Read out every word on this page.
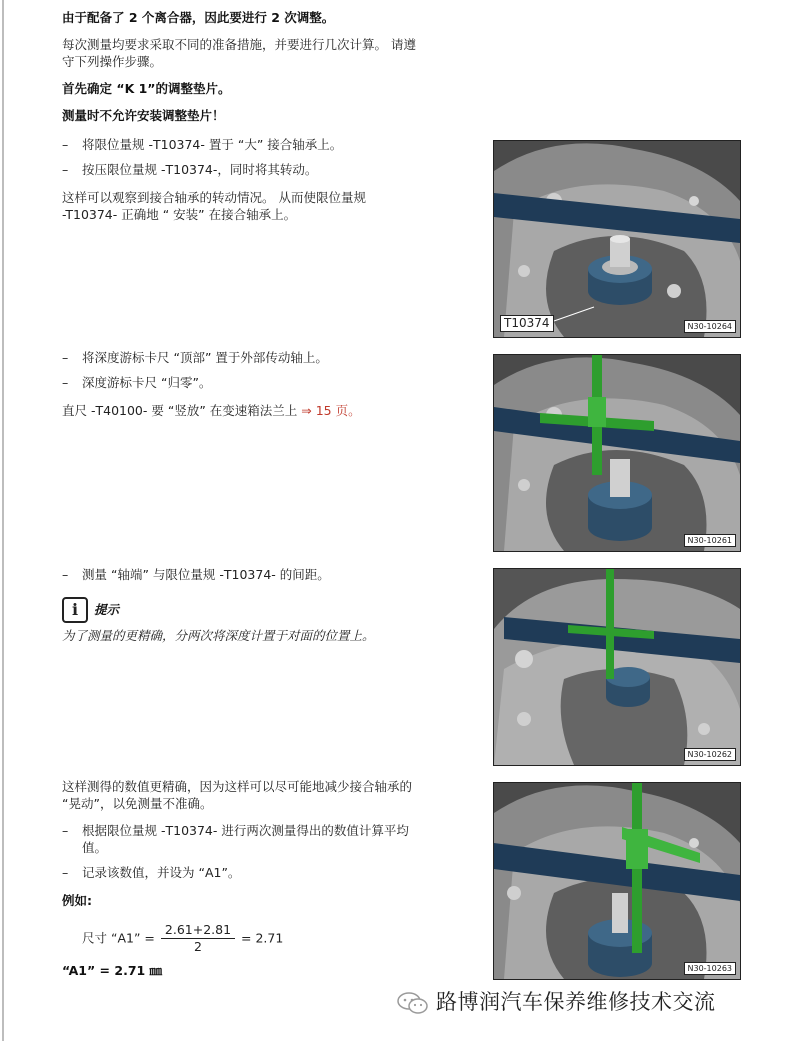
由于配备了 2 个离合器，因此要进行 2 次调整。
每次测量均要求采取不同的准备措施，并要进行几次计算。 请遵
守下列操作步骤。
首先确定 “K 1”的调整垫片。
测量时不允许安装调整垫片！
– 将限位量规 -T10374- 置于 “大” 接合轴承上。
– 按压限位量规 -T10374-，同时将其转动。
这样可以观察到接合轴承的转动情况。 从而使限位量规
-T10374- 正确地 “ 安装” 在接合轴承上。
– 将深度游标卡尺 “顶部” 置于外部传动轴上。
– 深度游标卡尺 “归零”。
直尺 -T40100- 要 “竖放” 在变速箱法兰上 ⇒ 15 页。
– 测量 “轴端” 与限位量规 -T10374- 的间距。
i	提示
为了测量的更精确，分两次将深度计置于对面的位置上。
这样测得的数值更精确，因为这样可以尽可能地减少接合轴承的
“晃动”，以免测量不准确。
– 根据限位量规 -T10374- 进行两次测量得出的数值计算平均
值。
– 记录该数值，并设为 “A1”。
例如:
尺寸 “A1” = $\frac{2.61+2.81}{2} = 2.71$
“A1” = 2.71 ㎜
T10374	N30-10264
N30-10261
N30-10262
N30-10263
路博润汽车保养维修技术交流
